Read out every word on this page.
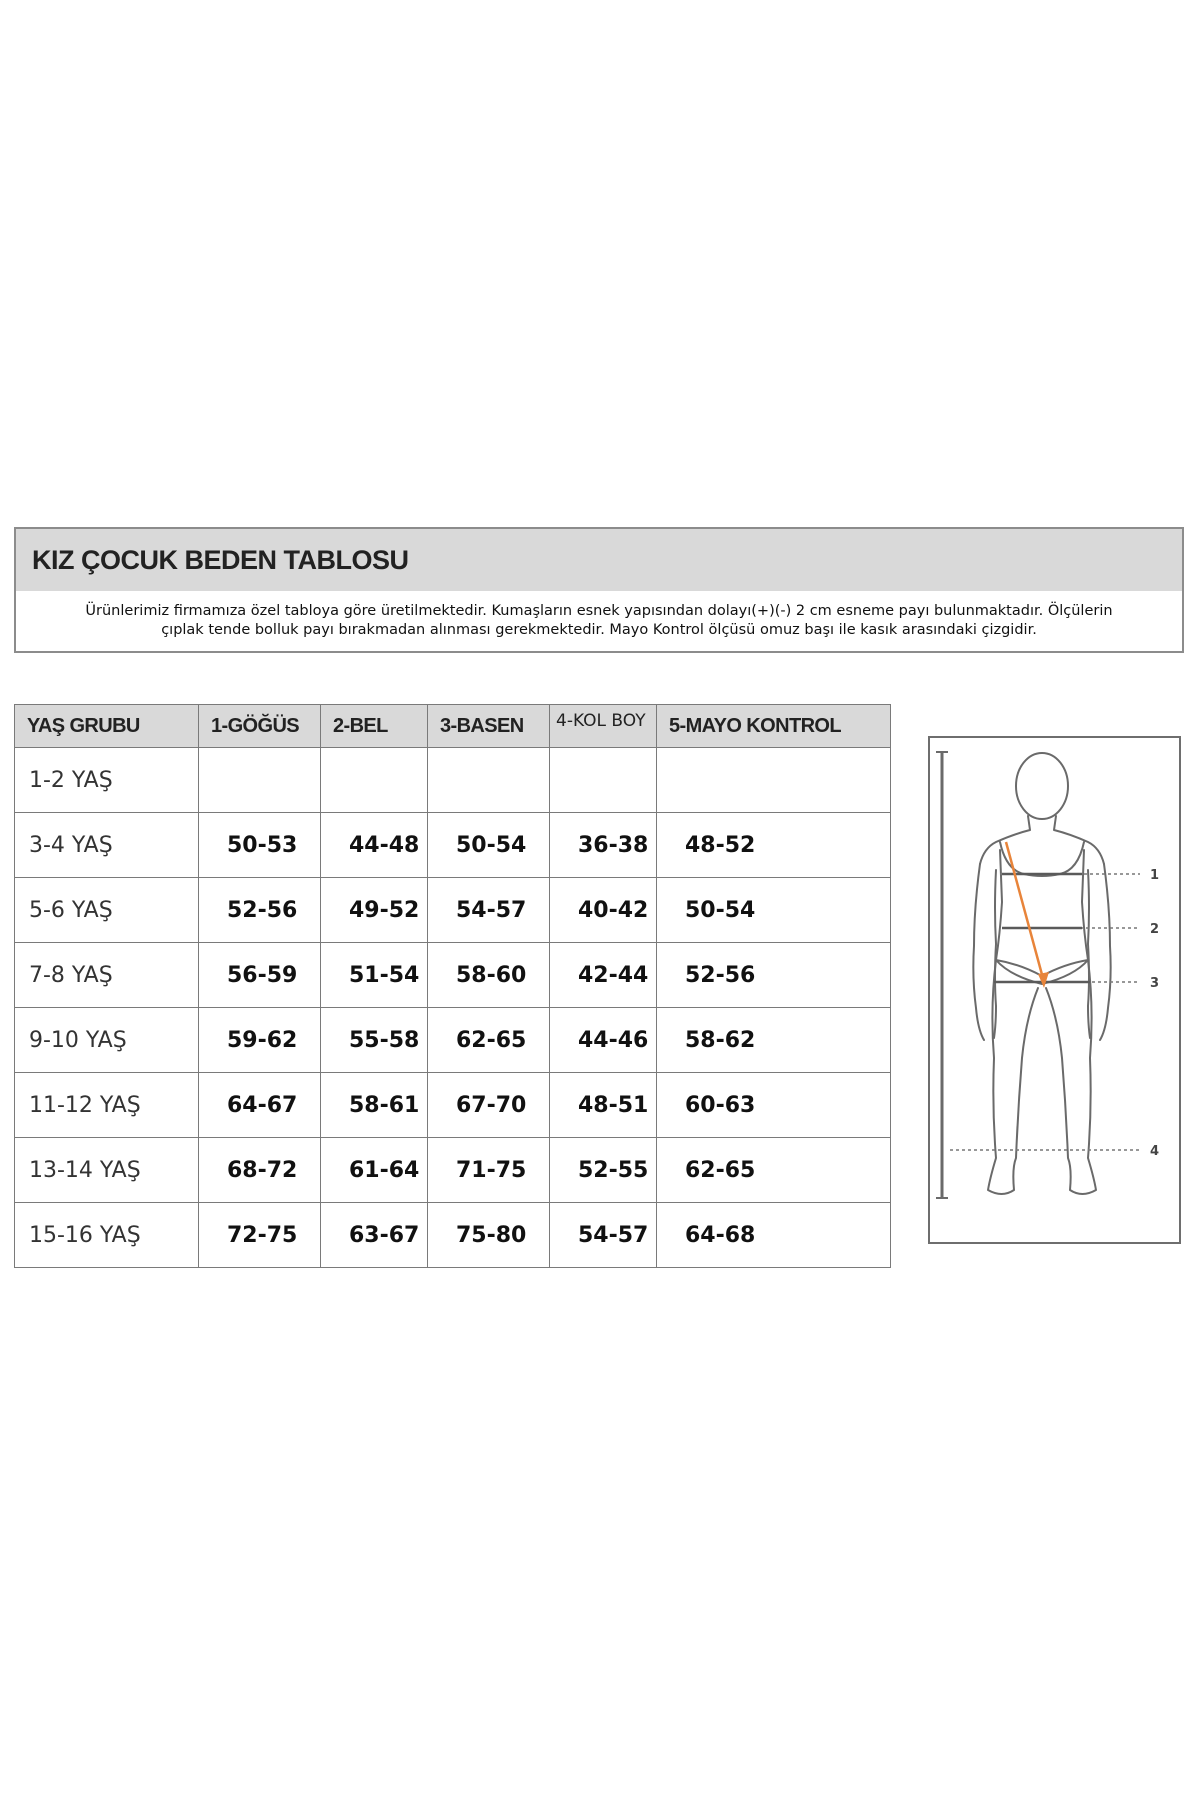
KIZ ÇOCUK BEDEN TABLOSU
Ürünlerimiz firmamıza özel tabloya göre üretilmektedir. Kumaşların esnek yapısından dolayı(+)(-) 2 cm esneme payı bulunmaktadır. Ölçülerin
çıplak tende bolluk payı bırakmadan alınması gerekmektedir. Mayo Kontrol ölçüsü omuz başı ile kasık arasındaki çizgidir.
YAŞ GRUBU	1-GÖĞÜS	2-BEL	3-BASEN	4-KOL BOY	5-MAYO KONTROL
1-2 YAŞ					
3-4 YAŞ	50-53	44-48	50-54	36-38	48-52
5-6 YAŞ	52-56	49-52	54-57	40-42	50-54
7-8 YAŞ	56-59	51-54	58-60	42-44	52-56
9-10 YAŞ	59-62	55-58	62-65	44-46	58-62
11-12 YAŞ	64-67	58-61	67-70	48-51	60-63
13-14 YAŞ	68-72	61-64	71-75	52-55	62-65
15-16 YAŞ	72-75	63-67	75-80	54-57	64-68
1
2
3
4
